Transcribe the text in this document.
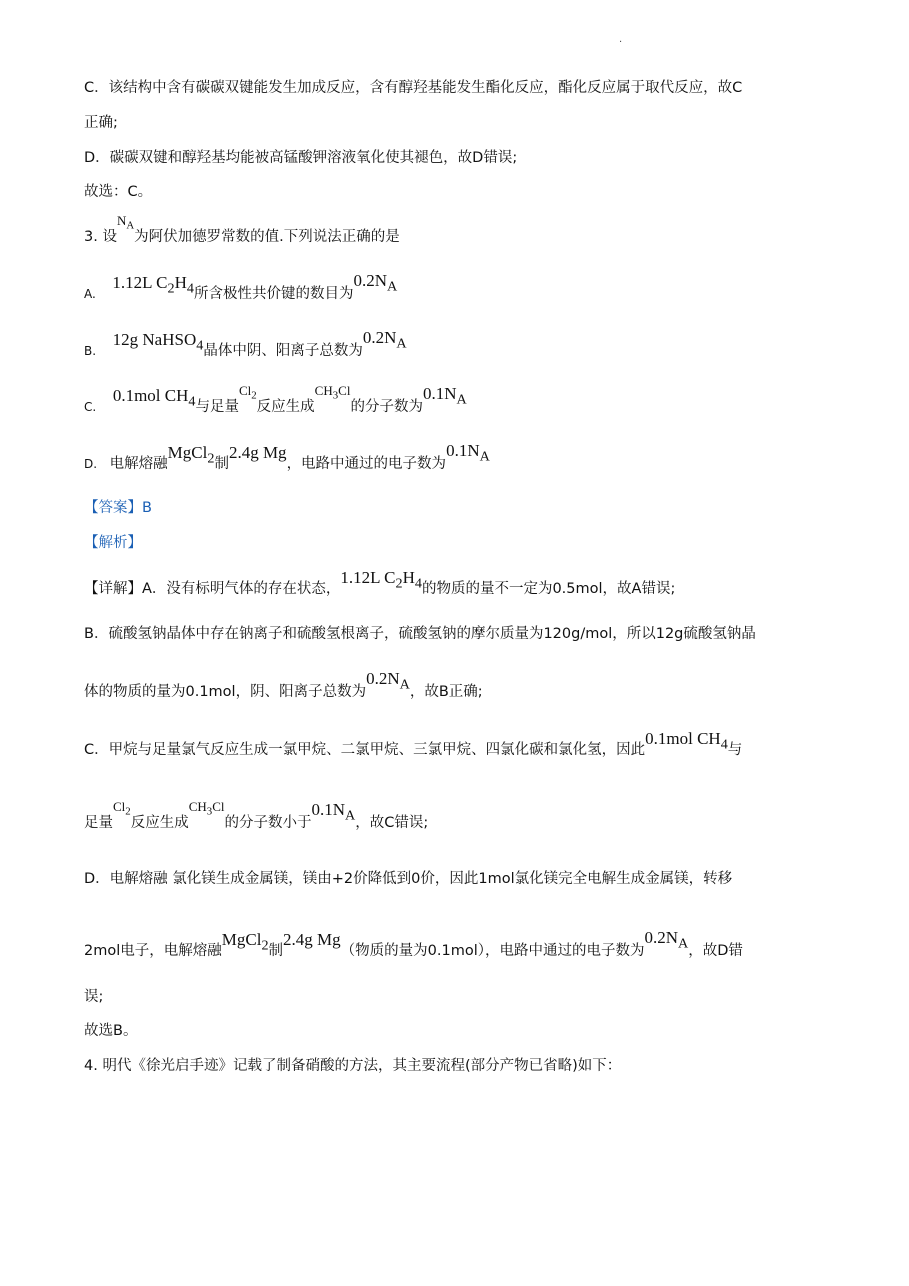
.
C．该结构中含有碳碳双键能发生加成反应，含有醇羟基能发生酯化反应，酯化反应属于取代反应，故C
正确;
D．碳碳双键和醇羟基均能被高锰酸钾溶液氧化使其褪色，故D错误;
故选：C。
3. 设$N_A$为阿伏加德罗常数的值.下列说法正确的是
A. 1.12L $C_2H_4$所含极性共价键的数目为$0.2N_A$
B. 12g NaHSO$_4$晶体中阴、阳离子总数为$0.2N_A$
C. 0.1mol $CH_4$与足量$Cl_2$反应生成$CH_3Cl$的分子数为$0.1N_A$
D. 电解熔融MgCl$_2$制2.4g Mg，电路中通过的电子数为$0.1N_A$
【答案】B
【解析】
【详解】A．没有标明气体的存在状态，1.12L $C_2H_4$的物质的量不一定为0.5mol，故A错误;
B．硫酸氢钠晶体中存在钠离子和硫酸氢根离子，硫酸氢钠的摩尔质量为120g/mol，所以12g硫酸氢钠晶
体的物质的量为0.1mol，阴、阳离子总数为$0.2N_A$，故B正确;
C．甲烷与足量氯气反应生成一氯甲烷、二氯甲烷、三氯甲烷、四氯化碳和氯化氢，因此0.1mol $CH_4$与
足量$Cl_2$反应生成$CH_3Cl$的分子数小于$0.1N_A$，故C错误;
D．电解熔融 氯化镁生成金属镁，镁由+2价降低到0价，因此1mol氯化镁完全电解生成金属镁，转移
2mol电子，电解熔融MgCl$_2$制2.4g Mg（物质的量为0.1mol），电路中通过的电子数为$0.2N_A$，故D错
误;
故选B。
4. 明代《徐光启手迹》记载了制备硝酸的方法，其主要流程(部分产物已省略)如下：
